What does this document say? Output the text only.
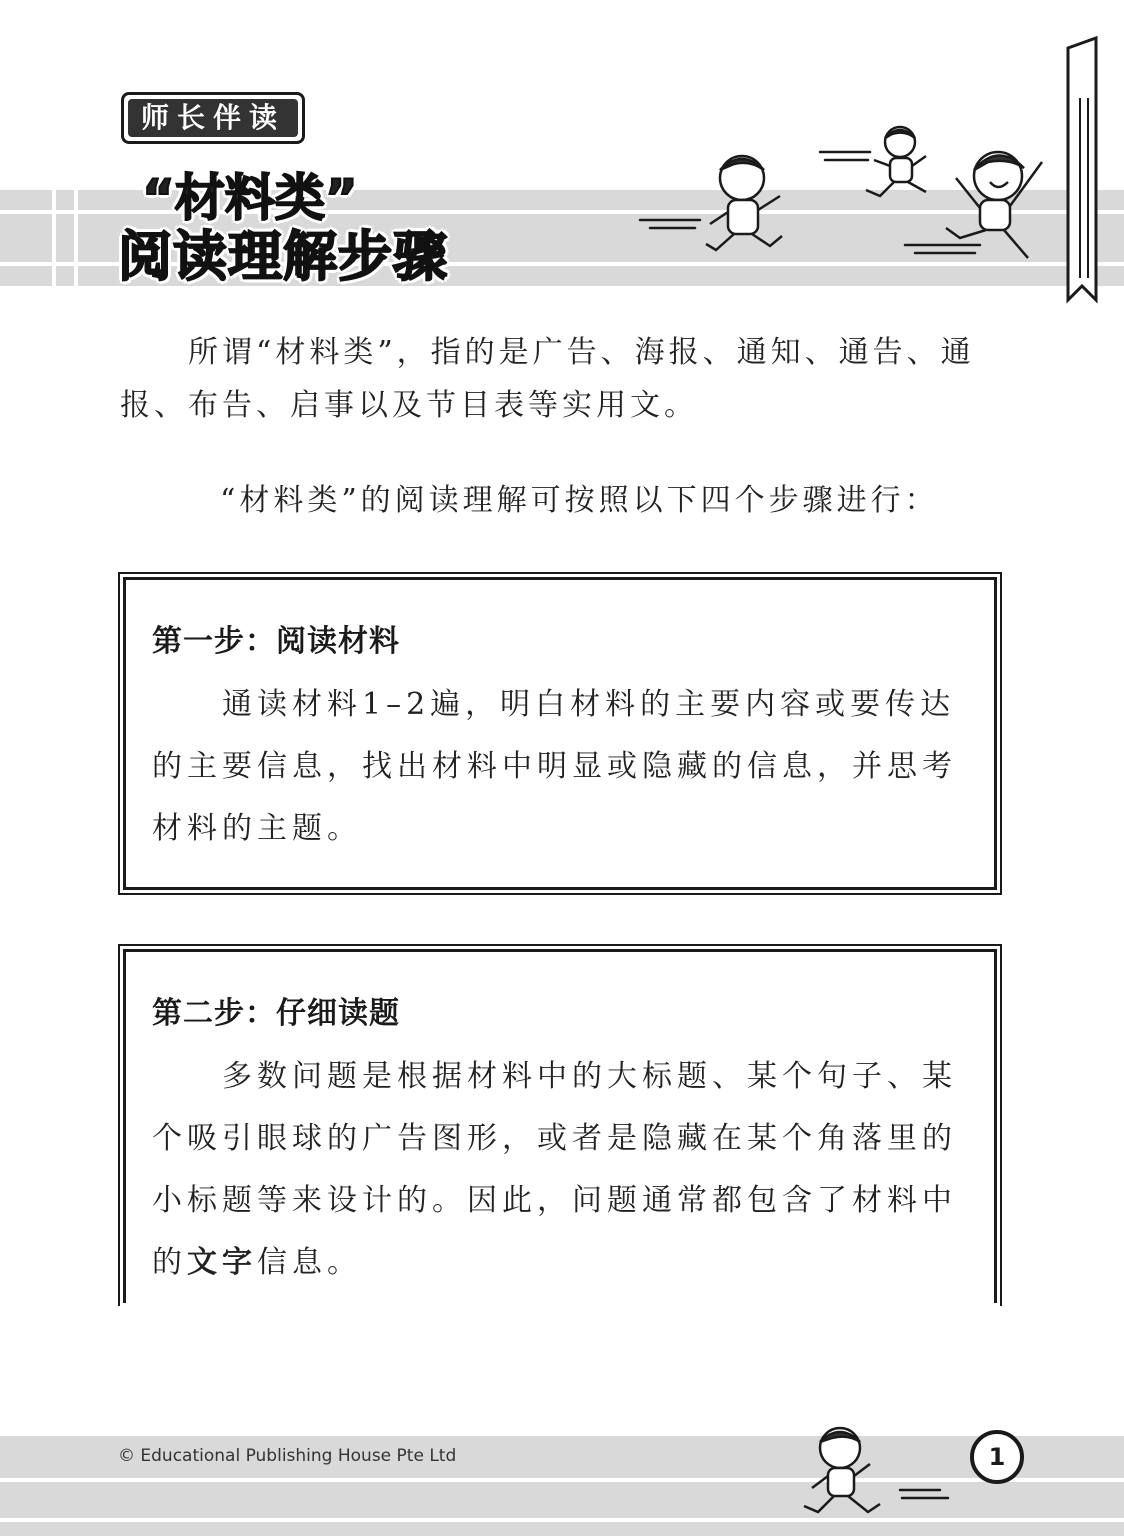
师长伴读
“材料类”
阅读理解步骤

所谓“材料类”，指的是广告、海报、通知、通告、通报、布告、启事以及节目表等实用文。

“材料类”的阅读理解可按照以下四个步骤进行：

第一步：阅读材料

通读材料1–2遍，明白材料的主要内容或要传达的主要信息，找出材料中明显或隐藏的信息，并思考材料的主题。

第二步：仔细读题

多数问题是根据材料中的大标题、某个句子、某个吸引眼球的广告图形，或者是隐藏在某个角落里的小标题等来设计的。因此，问题通常都包含了材料中的文字信息。

© Educational Publishing House Pte Ltd	1
